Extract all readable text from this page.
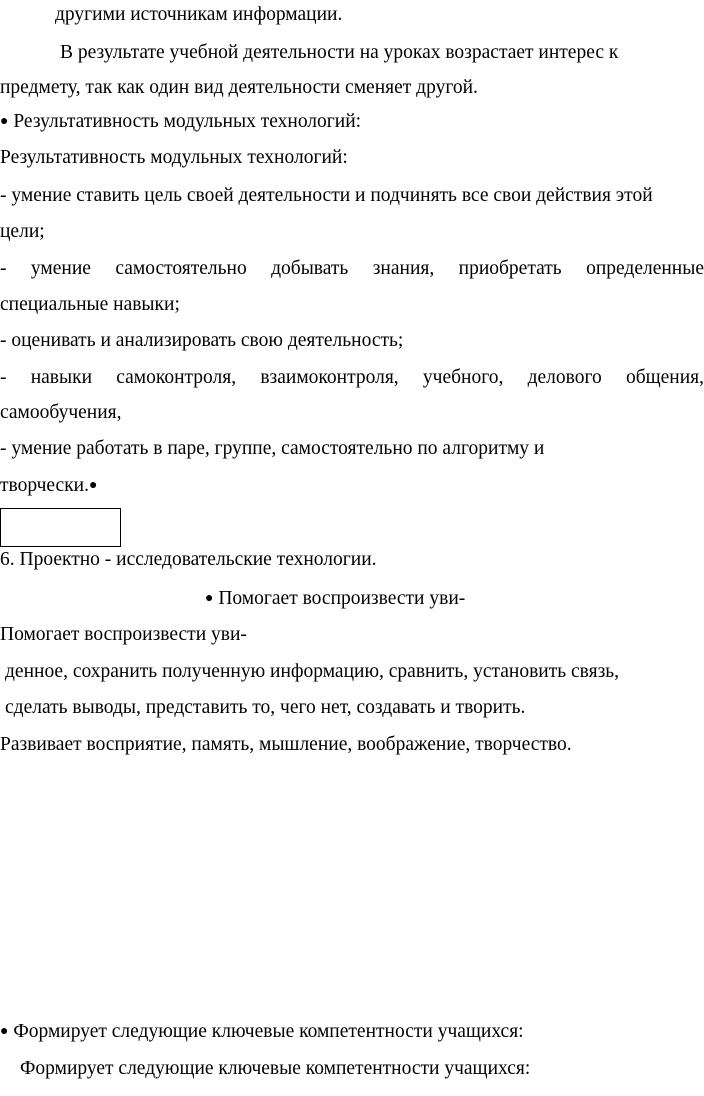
другими источникам информации.
В результате учебной деятельности на уроках возрастает интерес к
предмету, так как один вид деятельности сменяет другой.
● Результативность модульных технологий:
Результативность модульных технологий:
- умение ставить цель своей деятельности и подчинять все свои действия этой
цели;
- умение самостоятельно добывать знания, приобретать определенные
специальные навыки;
- оценивать и анализировать свою деятельность;
- навыки самоконтроля, взаимоконтроля, учебного, делового общения,
самообучения,
- умение работать в паре, группе, самостоятельно по алгоритму и
творчески.●
6. Проектно - исследовательские технологии.
● Помогает воспроизвести уви-
Помогает воспроизвести уви-
денное, сохранить полученную информацию, сравнить, установить связь,
сделать выводы, представить то, чего нет, создавать и творить.
Развивает восприятие, память, мышление, воображение, творчество.
● Формирует следующие ключевые компетентности учащихся:
Формирует следующие ключевые компетентности учащихся:
